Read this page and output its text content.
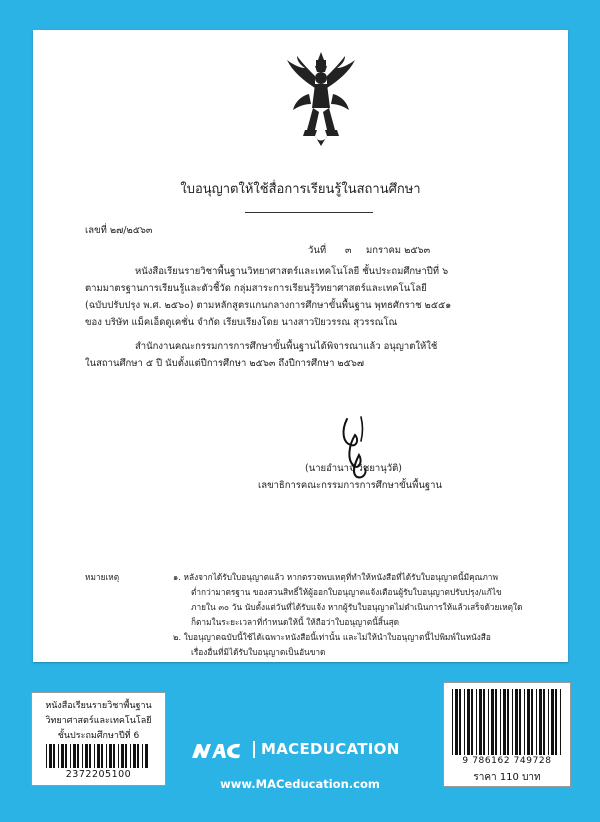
ใบอนุญาตให้ใช้สื่อการเรียนรู้ในสถานศึกษา
เลขที่ ๒๗/๒๕๖๓
วันที่ ๓ มกราคม ๒๕๖๓
หนังสือเรียนรายวิชาพื้นฐานวิทยาศาสตร์และเทคโนโลยี ชั้นประถมศึกษาปีที่ ๖
ตามมาตรฐานการเรียนรู้และตัวชี้วัด กลุ่มสาระการเรียนรู้วิทยาศาสตร์และเทคโนโลยี
(ฉบับปรับปรุง พ.ศ. ๒๕๖๐) ตามหลักสูตรแกนกลางการศึกษาขั้นพื้นฐาน พุทธศักราช ๒๕๕๑
ของ บริษัท แม็คเอ็ดดูเคชั่น จำกัด เรียบเรียงโดย นางสาวปิยวรรณ สุวรรณโณ
สำนักงานคณะกรรมการการศึกษาขั้นพื้นฐานได้พิจารณาแล้ว อนุญาตให้ใช้
ในสถานศึกษา ๕ ปี นับตั้งแต่ปีการศึกษา ๒๕๖๓ ถึงปีการศึกษา ๒๕๖๗
(นายอำนาจ วิชยานุวัติ)
เลขาธิการคณะกรรมการการศึกษาขั้นพื้นฐาน
หมายเหตุ	๑. หลังจากได้รับใบอนุญาตแล้ว หากตรวจพบเหตุที่ทำให้หนังสือที่ได้รับใบอนุญาตนี้มีคุณภาพ
ต่ำกว่ามาตรฐาน ของสวนสิทธิ์ให้ผู้ออกใบอนุญาตแจ้งเตือนผู้รับใบอนุญาตปรับปรุง/แก้ไข
ภายใน ๓๐ วัน นับตั้งแต่วันที่ได้รับแจ้ง หากผู้รับใบอนุญาตไม่ดำเนินการให้แล้วเสร็จด้วยเหตุใด
ก็ตามในระยะเวลาที่กำหนดให้นี้ ให้ถือว่าใบอนุญาตนี้สิ้นสุด
๒. ใบอนุญาตฉบับนี้ใช้ได้เฉพาะหนังสือนี้เท่านั้น และไม่ให้นำใบอนุญาตนี้ไปพิมพ์ในหนังสือ
เรื่องอื่นที่มิได้รับใบอนุญาตเป็นอันขาด
หนังสือเรียนรายวิชาพื้นฐาน
วิทยาศาสตร์และเทคโนโลยี
ชั้นประถมศึกษาปีที่ 6
2372205100
MACEDUCATION
www.MACeducation.com
9 786162 749728
ราคา 110 บาท
